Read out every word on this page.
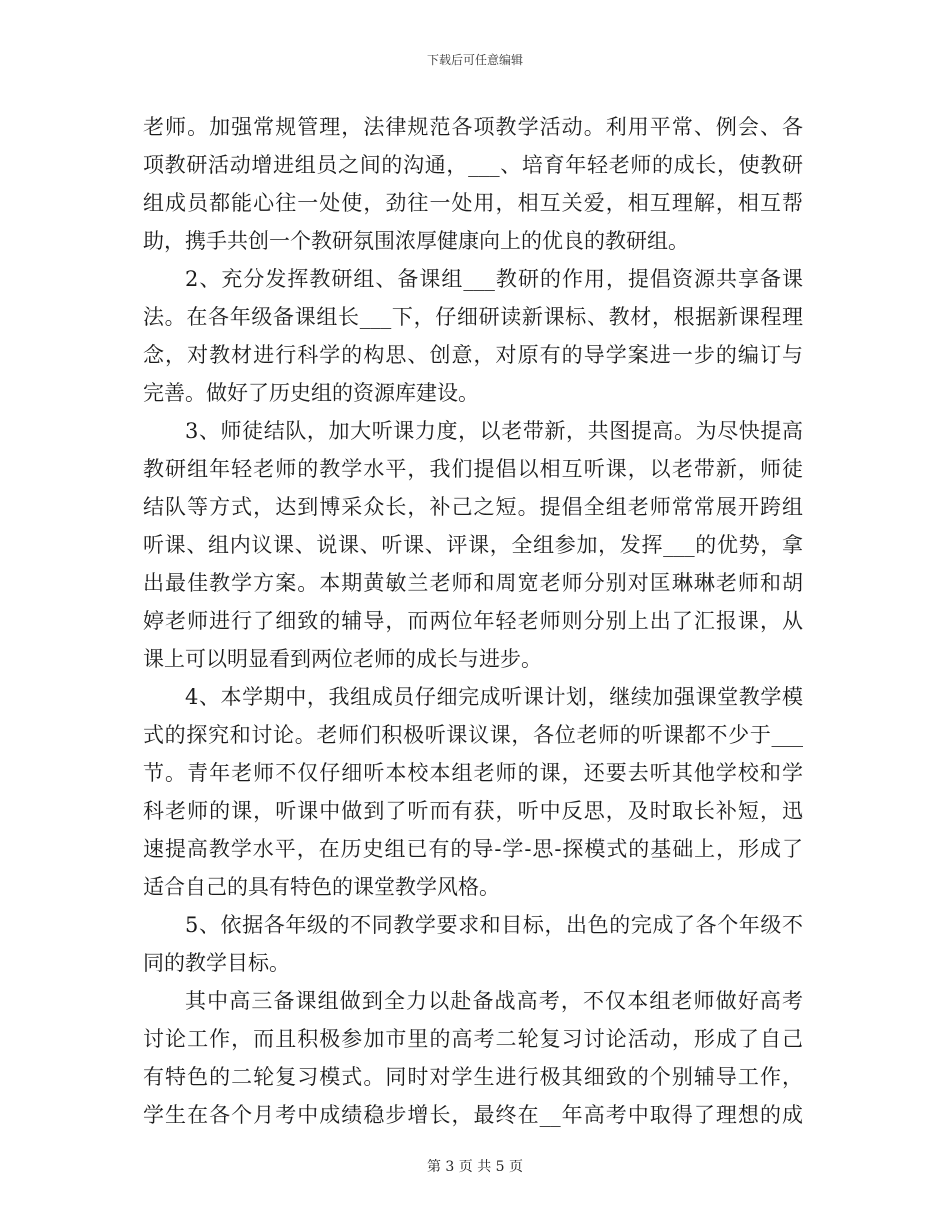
下载后可任意编辑
老师。加强常规管理，法律规范各项教学活动。利用平常、例会、各
项教研活动增进组员之间的沟通，___、培育年轻老师的成长，使教研
组成员都能心往一处使，劲往一处用，相互关爱，相互理解，相互帮
助，携手共创一个教研氛围浓厚健康向上的优良的教研组。
2、充分发挥教研组、备课组___教研的作用，提倡资源共享备课
法。在各年级备课组长___下，仔细研读新课标、教材，根据新课程理
念，对教材进行科学的构思、创意，对原有的导学案进一步的编订与
完善。做好了历史组的资源库建设。
3、师徒结队，加大听课力度，以老带新，共图提高。为尽快提高
教研组年轻老师的教学水平，我们提倡以相互听课，以老带新，师徒
结队等方式，达到博采众长，补己之短。提倡全组老师常常展开跨组
听课、组内议课、说课、听课、评课，全组参加，发挥___的优势，拿
出最佳教学方案。本期黄敏兰老师和周宽老师分别对匡琳琳老师和胡
婷老师进行了细致的辅导，而两位年轻老师则分别上出了汇报课，从
课上可以明显看到两位老师的成长与进步。
4、本学期中，我组成员仔细完成听课计划，继续加强课堂教学模
式的探究和讨论。老师们积极听课议课，各位老师的听课都不少于___
节。青年老师不仅仔细听本校本组老师的课，还要去听其他学校和学
科老师的课，听课中做到了听而有获，听中反思，及时取长补短，迅
速提高教学水平，在历史组已有的导-学-思-探模式的基础上，形成了
适合自己的具有特色的课堂教学风格。
5、依据各年级的不同教学要求和目标，出色的完成了各个年级不
同的教学目标。
其中高三备课组做到全力以赴备战高考，不仅本组老师做好高考
讨论工作，而且积极参加市里的高考二轮复习讨论活动，形成了自己
有特色的二轮复习模式。同时对学生进行极其细致的个别辅导工作，
学生在各个月考中成绩稳步增长，最终在__年高考中取得了理想的成
第 3 页 共 5 页
